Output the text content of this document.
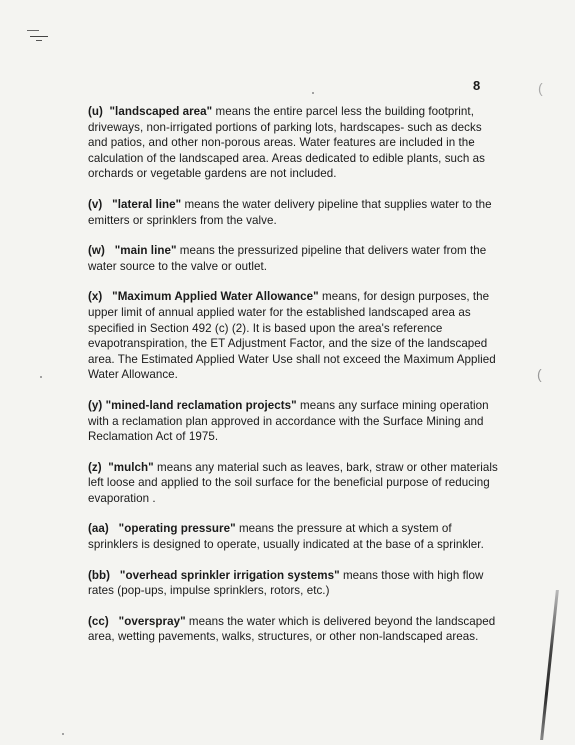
(
(
8

(u) "landscaped area" means the entire parcel less the building footprint, driveways, non-irrigated portions of parking lots, hardscapes- such as decks and patios, and other non-porous areas. Water features are included in the calculation of the landscaped area. Areas dedicated to edible plants, such as orchards or vegetable gardens are not included.

(v) "lateral line" means the water delivery pipeline that supplies water to the emitters or sprinklers from the valve.

(w) "main line" means the pressurized pipeline that delivers water from the water source to the valve or outlet.

(x) "Maximum Applied Water Allowance" means, for design purposes, the upper limit of annual applied water for the established landscaped area as specified in Section 492 (c) (2). It is based upon the area's reference evapotranspiration, the ET Adjustment Factor, and the size of the landscaped area. The Estimated Applied Water Use shall not exceed the Maximum Applied Water Allowance.

(y) "mined-land reclamation projects" means any surface mining operation with a reclamation plan approved in accordance with the Surface Mining and Reclamation Act of 1975.

(z) "mulch" means any material such as leaves, bark, straw or other materials left loose and applied to the soil surface for the beneficial purpose of reducing evaporation .

(aa) "operating pressure" means the pressure at which a system of sprinklers is designed to operate, usually indicated at the base of a sprinkler.

(bb) "overhead sprinkler irrigation systems" means those with high flow rates (pop-ups, impulse sprinklers, rotors, etc.)

(cc) "overspray" means the water which is delivered beyond the landscaped area, wetting pavements, walks, structures, or other non-landscaped areas.
